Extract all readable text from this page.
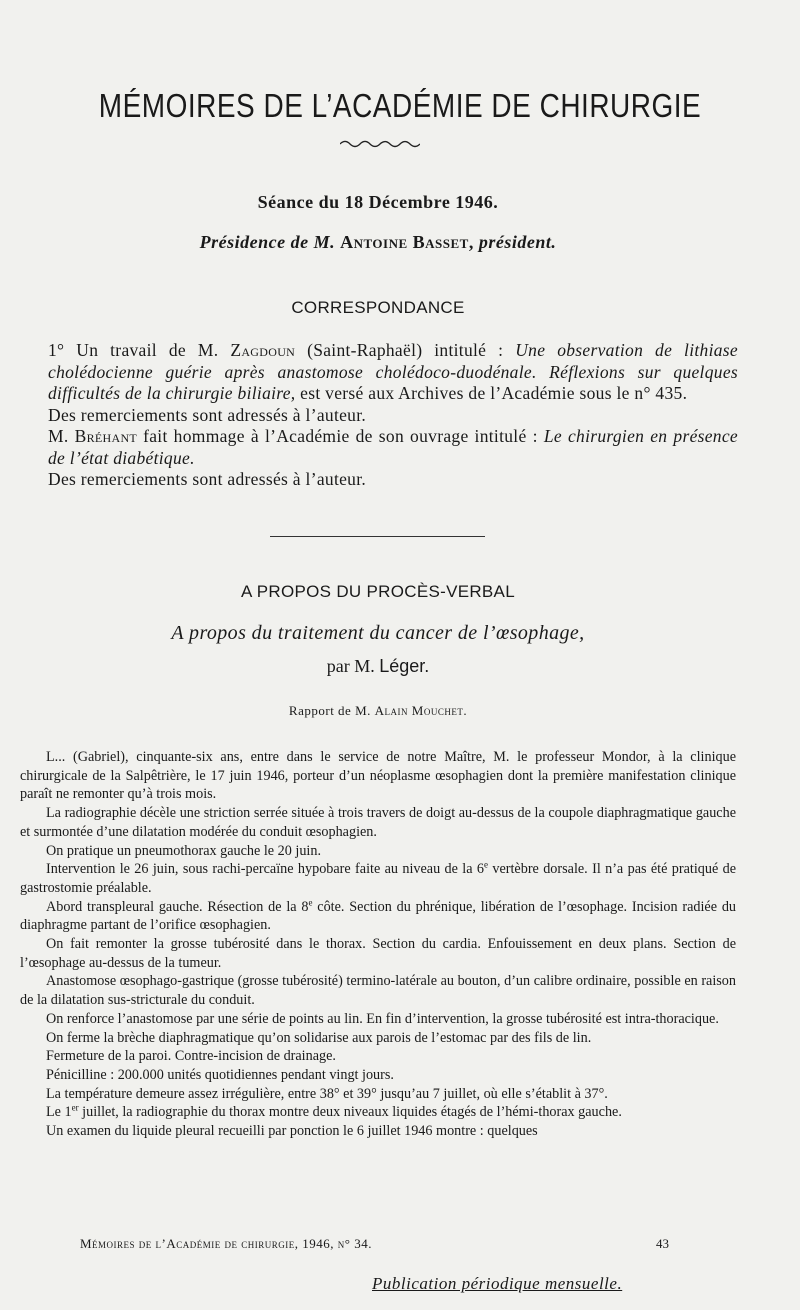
MÉMOIRES DE L’ACADÉMIE DE CHIRURGIE
Séance du 18 Décembre 1946.
Présidence de M. Antoine Basset, président.
CORRESPONDANCE

1° Un travail de M. Zagdoun (Saint-Raphaël) intitulé : Une observation de lithiase cholédocienne guérie après anastomose cholédoco-duodénale. Réflexions sur quelques difficultés de la chirurgie biliaire, est versé aux Archives de l’Académie sous le n° 435.

Des remerciements sont adressés à l’auteur.

M. Bréhant fait hommage à l’Académie de son ouvrage intitulé : Le chirurgien en présence de l’état diabétique.

Des remerciements sont adressés à l’auteur.

A PROPOS DU PROCÈS-VERBAL
A propos du traitement du cancer de l’œsophage,
par M. Léger.
Rapport de M. Alain Mouchet.

L... (Gabriel), cinquante-six ans, entre dans le service de notre Maître, M. le professeur Mondor, à la clinique chirurgicale de la Salpêtrière, le 17 juin 1946, porteur d’un néoplasme œsophagien dont la première manifestation clinique paraît ne remonter qu’à trois mois.

La radiographie décèle une striction serrée située à trois travers de doigt au-dessus de la coupole diaphragmatique gauche et surmontée d’une dilatation modérée du conduit œsophagien.

On pratique un pneumothorax gauche le 20 juin.

Intervention le 26 juin, sous rachi-percaïne hypobare faite au niveau de la 6e vertèbre dorsale. Il n’a pas été pratiqué de gastrostomie préalable.

Abord transpleural gauche. Résection de la 8e côte. Section du phrénique, libération de l’œsophage. Incision radiée du diaphragme partant de l’orifice œsophagien.

On fait remonter la grosse tubérosité dans le thorax. Section du cardia. Enfouissement en deux plans. Section de l’œsophage au-dessus de la tumeur.

Anastomose œsophago-gastrique (grosse tubérosité) termino-latérale au bouton, d’un calibre ordinaire, possible en raison de la dilatation sus-stricturale du conduit.

On renforce l’anastomose par une série de points au lin. En fin d’intervention, la grosse tubérosité est intra-thoracique.

On ferme la brèche diaphragmatique qu’on solidarise aux parois de l’estomac par des fils de lin.

Fermeture de la paroi. Contre-incision de drainage.

Pénicilline : 200.000 unités quotidiennes pendant vingt jours.

La température demeure assez irrégulière, entre 38° et 39° jusqu’au 7 juillet, où elle s’établit à 37°.

Le 1er juillet, la radiographie du thorax montre deux niveaux liquides étagés de l’hémi-thorax gauche.

Un examen du liquide pleural recueilli par ponction le 6 juillet 1946 montre : quelques

Mémoires de l’Académie de chirurgie, 1946, n° 34.	43
Publication périodique mensuelle.
